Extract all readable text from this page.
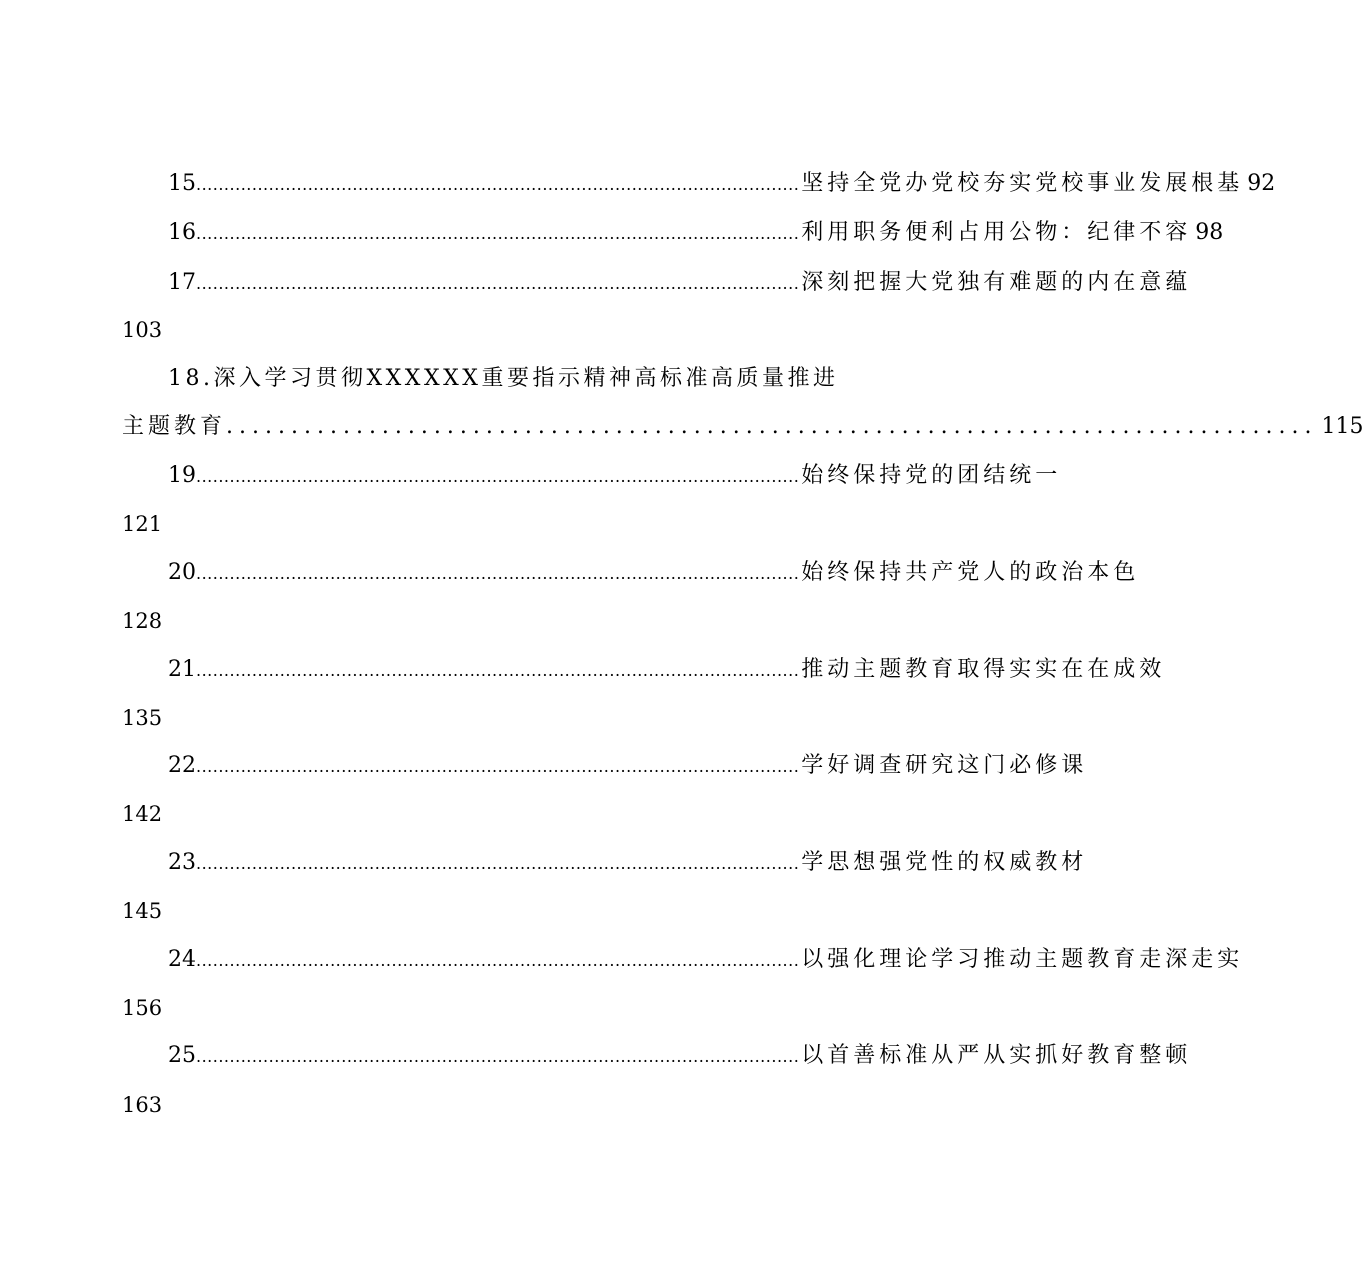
15 ............................................................................................................ 坚持全党办党校夯实党校事业发展根基 92
16 ............................................................................................................ 利用职务便利占用公物：纪律不容 98
17 ............................................................................................................ 深刻把握大党独有难题的内在意蕴
103
18.深入学习贯彻XXXXXX重要指示精神高标准高质量推进
主题教育 .................................................................................... 115
19 ............................................................................................................ 始终保持党的团结统一
121
20 ............................................................................................................ 始终保持共产党人的政治本色
128
21 ............................................................................................................ 推动主题教育取得实实在在成效
135
22 ............................................................................................................ 学好调查研究这门必修课
142
23 ............................................................................................................ 学思想强党性的权威教材
145
24 ............................................................................................................ 以强化理论学习推动主题教育走深走实
156
25 ............................................................................................................ 以首善标准从严从实抓好教育整顿
163
